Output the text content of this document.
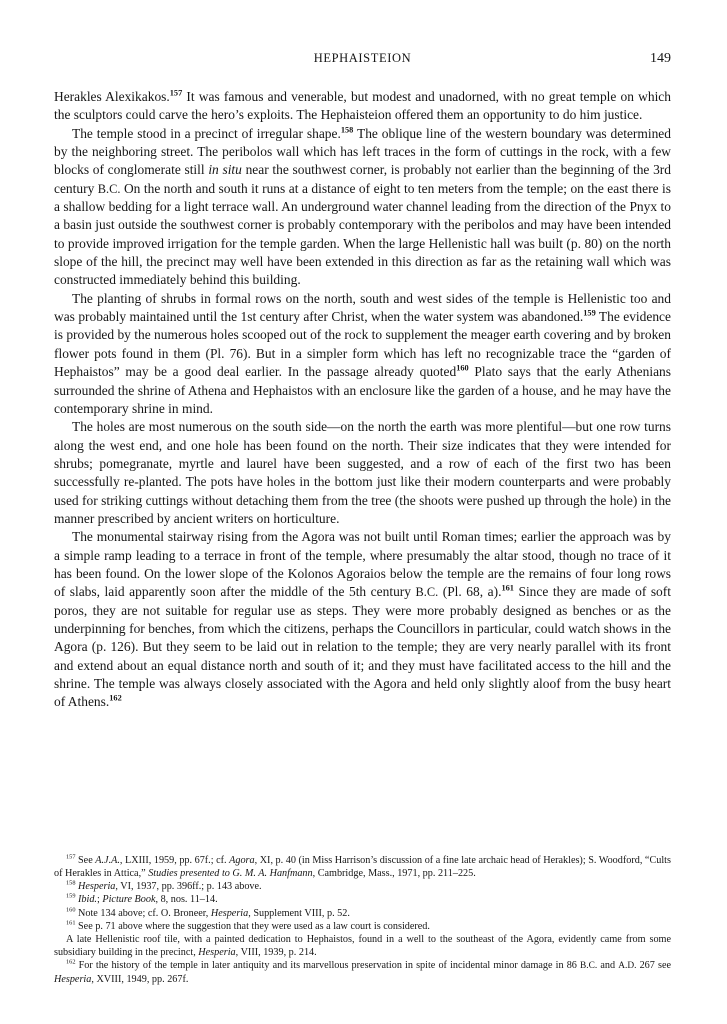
HEPHAISTEION	149

Herakles Alexikakos.$^{157}$ It was famous and venerable, but modest and unadorned, with no great temple on which the sculptors could carve the hero’s exploits. The Hephaisteion offered them an opportunity to do him justice.

The temple stood in a precinct of irregular shape.$^{158}$ The oblique line of the western boundary was determined by the neighboring street. The peribolos wall which has left traces in the form of cuttings in the rock, with a few blocks of conglomerate still in situ near the southwest corner, is probably not earlier than the beginning of the 3rd century B.C. On the north and south it runs at a distance of eight to ten meters from the temple; on the east there is a shallow bedding for a light terrace wall. An underground water channel leading from the direction of the Pnyx to a basin just outside the southwest corner is probably contemporary with the peribolos and may have been intended to provide improved irrigation for the temple garden. When the large Hellenistic hall was built (p. 80) on the north slope of the hill, the precinct may well have been extended in this direction as far as the retaining wall which was constructed immediately behind this building.

The planting of shrubs in formal rows on the north, south and west sides of the temple is Hellenistic too and was probably maintained until the 1st century after Christ, when the water system was abandoned.$^{159}$ The evidence is provided by the numerous holes scooped out of the rock to supplement the meager earth covering and by broken flower pots found in them (Pl. 76). But in a simpler form which has left no recognizable trace the “garden of Hephaistos” may be a good deal earlier. In the passage already quoted$^{160}$ Plato says that the early Athenians surrounded the shrine of Athena and Hephaistos with an enclosure like the garden of a house, and he may have the contemporary shrine in mind.

The holes are most numerous on the south side—on the north the earth was more plentiful—but one row turns along the west end, and one hole has been found on the north. Their size indicates that they were intended for shrubs; pomegranate, myrtle and laurel have been suggested, and a row of each of the first two has been successfully re-planted. The pots have holes in the bottom just like their modern counterparts and were probably used for striking cuttings without detaching them from the tree (the shoots were pushed up through the hole) in the manner prescribed by ancient writers on horticulture.

The monumental stairway rising from the Agora was not built until Roman times; earlier the approach was by a simple ramp leading to a terrace in front of the temple, where presumably the altar stood, though no trace of it has been found. On the lower slope of the Kolonos Agoraios below the temple are the remains of four long rows of slabs, laid apparently soon after the middle of the 5th century B.C. (Pl. 68, a).$^{161}$ Since they are made of soft poros, they are not suitable for regular use as steps. They were more probably designed as benches or as the underpinning for benches, from which the citizens, perhaps the Councillors in particular, could watch shows in the Agora (p. 126). But they seem to be laid out in relation to the temple; they are very nearly parallel with its front and extend about an equal distance north and south of it; and they must have facilitated access to the hill and the shrine. The temple was always closely associated with the Agora and held only slightly aloof from the busy heart of Athens.$^{162}$

$^{157}$ See A.J.A., LXIII, 1959, pp. 67f.; cf. Agora, XI, p. 40 (in Miss Harrison’s discussion of a fine late archaic head of Herakles); S. Woodford, “Cults of Herakles in Attica,” Studies presented to G. M. A. Hanfmann, Cambridge, Mass., 1971, pp. 211–225.

$^{158}$ Hesperia, VI, 1937, pp. 396ff.; p. 143 above.

$^{159}$ Ibid.; Picture Book, 8, nos. 11–14.

$^{160}$ Note 134 above; cf. O. Broneer, Hesperia, Supplement VIII, p. 52.

$^{161}$ See p. 71 above where the suggestion that they were used as a law court is considered.

A late Hellenistic roof tile, with a painted dedication to Hephaistos, found in a well to the southeast of the Agora, evidently came from some subsidiary building in the precinct, Hesperia, VIII, 1939, p. 214.

$^{162}$ For the history of the temple in later antiquity and its marvellous preservation in spite of incidental minor damage in 86 B.C. and A.D. 267 see Hesperia, XVIII, 1949, pp. 267f.
